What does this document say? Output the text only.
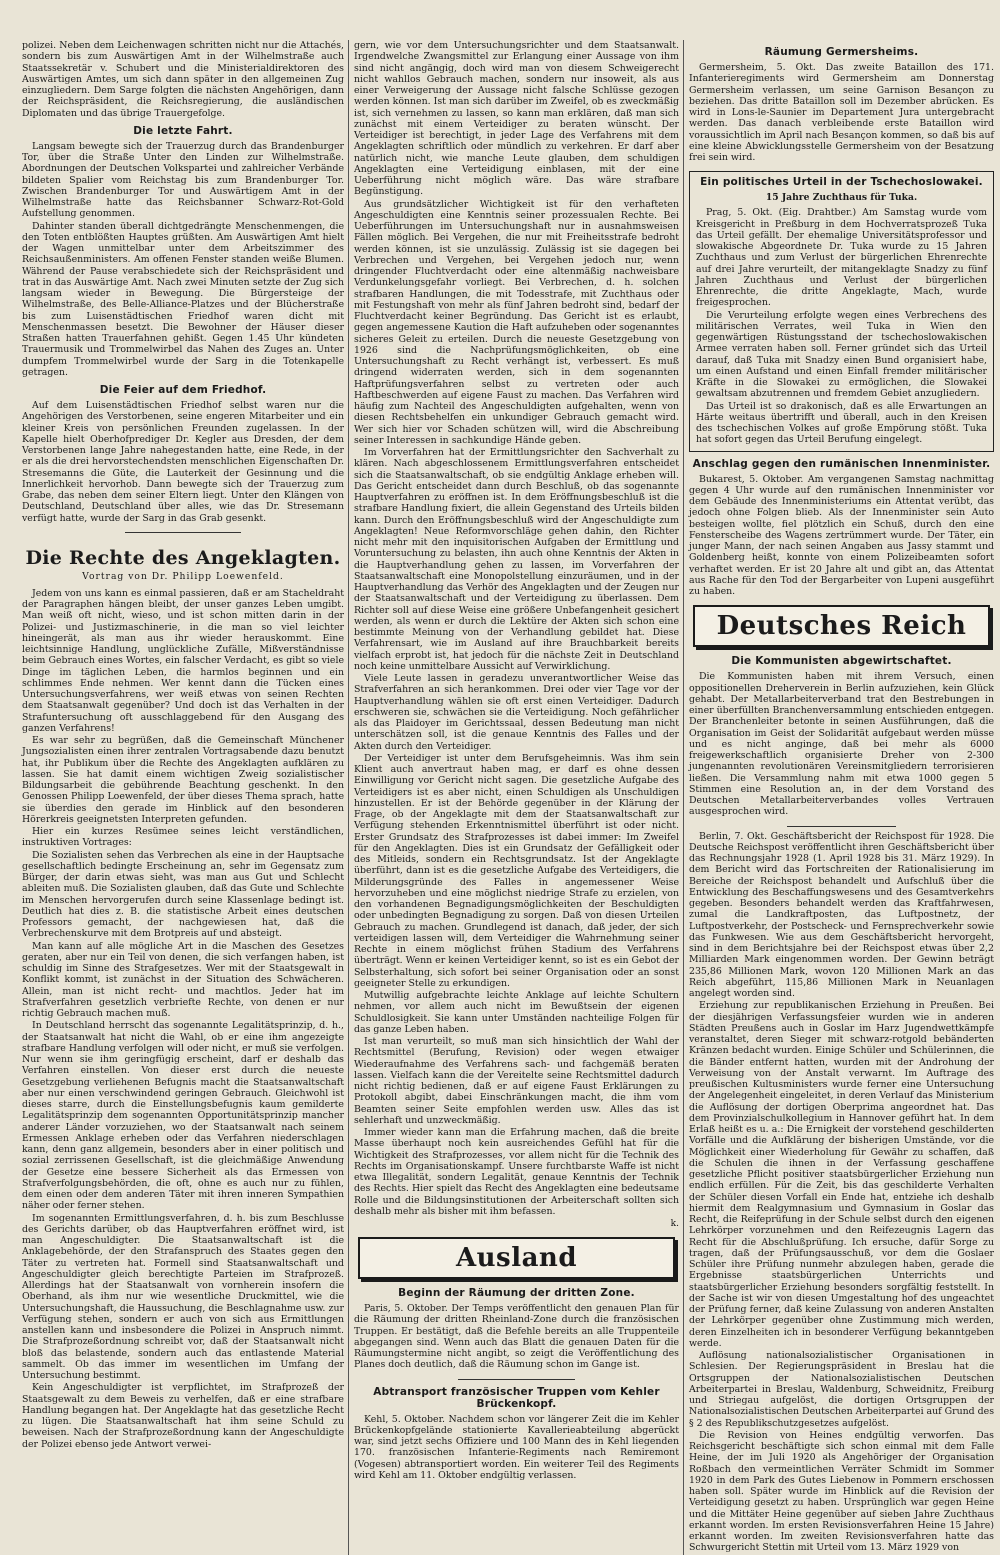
polizei. Neben dem Leichenwagen schritten nicht nur die Attachés, sondern bis zum Auswärtigen Amt in der Wilhelmstraße auch Staatssekretär v. Schubert und die Ministerialdirektoren des Auswärtigen Amtes, um sich dann später in den allgemeinen Zug einzugliedern. Dem Sarge folgten die nächsten Angehörigen, dann der Reichspräsident, die Reichsregierung, die ausländischen Diplomaten und das übrige Trauergefolge.

Die letzte Fahrt.

Langsam bewegte sich der Trauerzug durch das Brandenburger Tor, über die Straße Unter den Linden zur Wilhelmstraße. Abordnungen der Deutschen Volkspartei und zahlreicher Verbände bildeten Spalier vom Reichstag bis zum Brandenburger Tor. Zwischen Brandenburger Tor und Auswärtigem Amt in der Wilhelmstraße hatte das Reichsbanner Schwarz-Rot-Gold Aufstellung genommen.

Dahinter standen überall dichtgedrängte Menschenmengen, die den Toten entblößten Hauptes grüßten. Am Auswärtigen Amt hielt der Wagen unmittelbar unter dem Arbeitszimmer des Reichsaußenministers. Am offenen Fenster standen weiße Blumen. Während der Pause verabschiedete sich der Reichspräsident und trat in das Auswärtige Amt. Nach zwei Minuten setzte der Zug sich langsam wieder in Bewegung. Die Bürgersteige der Wilhelmstraße, des Belle-Alliance-Platzes und der Blücherstraße bis zum Luisenstädtischen Friedhof waren dicht mit Menschenmassen besetzt. Die Bewohner der Häuser dieser Straßen hatten Trauerfahnen gehißt. Gegen 1.45 Uhr kündeten Trauermusik und Trommelwirbel das Nahen des Zuges an. Unter dumpfem Trommelwirbel wurde der Sarg in die Totenkapelle getragen.

Die Feier auf dem Friedhof.

Auf dem Luisenstädtischen Friedhof selbst waren nur die Angehörigen des Verstorbenen, seine engeren Mitarbeiter und ein kleiner Kreis von persönlichen Freunden zugelassen. In der Kapelle hielt Oberhofprediger Dr. Kegler aus Dresden, der dem Verstorbenen lange Jahre nahegestanden hatte, eine Rede, in der er als die drei hervorstechendsten menschlichen Eigenschaften Dr. Stresemanns die Güte, die Lauterkeit der Gesinnung und die Innerlichkeit hervorhob. Dann bewegte sich der Trauerzug zum Grabe, das neben dem seiner Eltern liegt. Unter den Klängen von Deutschland, Deutschland über alles, wie das Dr. Stresemann verfügt hatte, wurde der Sarg in das Grab gesenkt.

Die Rechte des Angeklagten.
Vortrag von Dr. Philipp Loewenfeld.

Jedem von uns kann es einmal passieren, daß er am Stacheldraht der Paragraphen hängen bleibt, der unser ganzes Leben umgibt. Man weiß oft nicht, wieso, und ist schon mitten darin in der Polizei- und Justizmaschinerie, in die man so viel leichter hineingerät, als man aus ihr wieder herauskommt. Eine leichtsinnige Handlung, unglückliche Zufälle, Mißverständnisse beim Gebrauch eines Wortes, ein falscher Verdacht, es gibt so viele Dinge im täglichen Leben, die harmlos beginnen und ein schlimmes Ende nehmen. Wer kennt dann die Tücken eines Untersuchungsverfahrens, wer weiß etwas von seinen Rechten dem Staatsanwalt gegenüber? Und doch ist das Verhalten in der Strafuntersuchung oft ausschlaggebend für den Ausgang des ganzen Verfahrens!

Es war sehr zu begrüßen, daß die Gemeinschaft Münchener Jungsozialisten einen ihrer zentralen Vortragsabende dazu benutzt hat, ihr Publikum über die Rechte des Angeklagten aufklären zu lassen. Sie hat damit einem wichtigen Zweig sozialistischer Bildungsarbeit die gebührende Beachtung geschenkt. In den Genossen Philipp Loewenfeld, der über dieses Thema sprach, hatte sie überdies den gerade im Hinblick auf den besonderen Hörerkreis geeignetsten Interpreten gefunden.

Hier ein kurzes Resümee seines leicht verständlichen, instruktiven Vortrages:

Die Sozialisten sehen das Verbrechen als eine in der Hauptsache gesellschaftlich bedingte Erscheinung an, sehr im Gegensatz zum Bürger, der darin etwas sieht, was man aus Gut und Schlecht ableiten muß. Die Sozialisten glauben, daß das Gute und Schlechte im Menschen hervorgerufen durch seine Klassenlage bedingt ist. Deutlich hat dies z. B. die statistische Arbeit eines deutschen Professors gemacht, der nachgewiesen hat, daß die Verbrechenskurve mit dem Brotpreis auf und absteigt.

Man kann auf alle mögliche Art in die Maschen des Gesetzes geraten, aber nur ein Teil von denen, die sich verfangen haben, ist schuldig im Sinne des Strafgesetzes. Wer mit der Staatsgewalt in Konflikt kommt, ist zunächst in der Situation des Schwächeren. Allein, man ist nicht recht- und machtlos. Jeder hat im Strafverfahren gesetzlich verbriefte Rechte, von denen er nur richtig Gebrauch machen muß.

In Deutschland herrscht das sogenannte Legalitätsprinzip, d. h., der Staatsanwalt hat nicht die Wahl, ob er eine ihm angezeigte strafbare Handlung verfolgen will oder nicht, er muß sie verfolgen. Nur wenn sie ihm geringfügig erscheint, darf er deshalb das Verfahren einstellen. Von dieser erst durch die neueste Gesetzgebung verliehenen Befugnis macht die Staatsanwaltschaft aber nur einen verschwindend geringen Gebrauch. Gleichwohl ist dieses starre, durch die Einstellungsbefugnis kaum gemilderte Legalitätsprinzip dem sogenannten Opportunitätsprinzip mancher anderer Länder vorzuziehen, wo der Staatsanwalt nach seinem Ermessen Anklage erheben oder das Verfahren niederschlagen kann, denn ganz allgemein, besonders aber in einer politisch und sozial zerrissenen Gesellschaft, ist die gleichmäßige Anwendung der Gesetze eine bessere Sicherheit als das Ermessen von Strafverfolgungsbehörden, die oft, ohne es auch nur zu fühlen, dem einen oder dem anderen Täter mit ihren inneren Sympathien näher oder ferner stehen.

Im sogenannten Ermittlungsverfahren, d. h. bis zum Beschlusse des Gerichts darüber, ob das Hauptverfahren eröffnet wird, ist man Angeschuldigter. Die Staatsanwaltschaft ist die Anklagebehörde, der den Strafanspruch des Staates gegen den Täter zu vertreten hat. Formell sind Staatsanwaltschaft und Angeschuldigter gleich berechtigte Parteien im Strafprozeß. Allerdings hat der Staatsanwalt von vornherein insofern die Oberhand, als ihm nur wie wesentliche Druckmittel, wie die Untersuchungshaft, die Haussuchung, die Beschlagnahme usw. zur Verfügung stehen, sondern er auch von sich aus Ermittlungen anstellen kann und insbesondere die Polizei in Anspruch nimmt. Die Strafprozeßordnung schreibt vor, daß der Staatsanwalt nicht bloß das belastende, sondern auch das entlastende Material sammelt. Ob das immer im wesentlichen im Umfang der Untersuchung bestimmt.

Kein Angeschuldigter ist verpflichtet, im Strafprozeß der Staatsgewalt zu dem Beweis zu verhelfen, daß er eine strafbare Handlung begangen hat. Der Angeklagte hat das gesetzliche Recht zu lügen. Die Staatsanwaltschaft hat ihm seine Schuld zu beweisen. Nach der Strafprozeßordnung kann der Angeschuldigte der Polizei ebenso jede Antwort verwei-

gern, wie vor dem Untersuchungsrichter und dem Staatsanwalt. Irgendwelche Zwangsmittel zur Erlangung einer Aussage von ihm sind nicht angängig, doch wird man von diesem Schweigerecht nicht wahllos Gebrauch machen, sondern nur insoweit, als aus einer Verweigerung der Aussage nicht falsche Schlüsse gezogen werden können. Ist man sich darüber im Zweifel, ob es zweckmäßig ist, sich vernehmen zu lassen, so kann man erklären, daß man sich zunächst mit einem Verteidiger zu beraten wünscht. Der Verteidiger ist berechtigt, in jeder Lage des Verfahrens mit dem Angeklagten schriftlich oder mündlich zu verkehren. Er darf aber natürlich nicht, wie manche Leute glauben, dem schuldigen Angeklagten eine Verteidigung einblasen, mit der eine Ueberführung nicht möglich wäre. Das wäre strafbare Begünstigung.

Aus grundsätzlicher Wichtigkeit ist für den verhafteten Angeschuldigten eine Kenntnis seiner prozessualen Rechte. Bei Ueberführungen im Untersuchungshaft nur in ausnahmsweisen Fällen möglich. Bei Vergehen, die nur mit Freiheitsstrafe bedroht werden können, ist sie unzulässig. Zulässig ist sie dagegen bei Verbrechen und Vergehen, bei Vergehen jedoch nur, wenn dringender Fluchtverdacht oder eine altenmäßig nachweisbare Verdunkelungsgefahr vorliegt. Bei Verbrechen, d. h. solchen strafbaren Handlungen, die mit Todesstrafe, mit Zuchthaus oder mit Festungshaft von mehr als fünf Jahren bedroht sind, bedarf der Fluchtverdacht keiner Begründung. Das Gericht ist es erlaubt, gegen angemessene Kaution die Haft aufzuheben oder sogenanntes sicheres Geleit zu erteilen. Durch die neueste Gesetzgebung von 1926 sind die Nachprüfungsmöglichkeiten, ob eine Untersuchungshaft zu Recht verhängt ist, verbessert. Es muß dringend widerraten werden, sich in dem sogenannten Haftprüfungsverfahren selbst zu vertreten oder auch Haftbeschwerden auf eigene Faust zu machen. Das Verfahren wird häufig zum Nachteil des Angeschuldigten aufgehalten, wenn von diesen Rechtsbehelfen ein unkundiger Gebrauch gemacht wird. Wer sich hier vor Schaden schützen will, wird die Abschreibung seiner Interessen in sachkundige Hände geben.

Im Vorverfahren hat der Ermittlungsrichter den Sachverhalt zu klären. Nach abgeschlossenem Ermittlungsverfahren entscheidet sich die Staatsanwaltschaft, ob sie endgültig Anklage erheben will. Das Gericht entscheidet dann durch Beschluß, ob das sogenannte Hauptverfahren zu eröffnen ist. In dem Eröffnungsbeschluß ist die strafbare Handlung fixiert, die allein Gegenstand des Urteils bilden kann. Durch den Eröffnungsbeschluß wird der Angeschuldigte zum Angeklagten! Neue Reformvorschläge gehen dahin, den Richter nicht mehr mit den inquisitorischen Aufgaben der Ermittlung und Voruntersuchung zu belasten, ihn auch ohne Kenntnis der Akten in die Hauptverhandlung gehen zu lassen, im Vorverfahren der Staatsanwaltschaft eine Monopolstellung einzuräumen, und in der Hauptverhandlung das Verhör des Angeklagten und der Zeugen nur der Staatsanwaltschaft und der Verteidigung zu überlassen. Dem Richter soll auf diese Weise eine größere Unbefangenheit gesichert werden, als wenn er durch die Lektüre der Akten sich schon eine bestimmte Meinung von der Verhandlung gebildet hat. Diese Verfahrensart, wie im Ausland auf ihre Brauchbarkeit bereits vielfach erprobt ist, hat jedoch für die nächste Zeit in Deutschland noch keine unmittelbare Aussicht auf Verwirklichung.

Viele Leute lassen in geradezu unverantwortlicher Weise das Strafverfahren an sich herankommen. Drei oder vier Tage vor der Hauptverhandlung wählen sie oft erst einen Verteidiger. Dadurch erschweren sie, schwächen sie die Verteidigung. Noch gefährlicher als das Plaidoyer im Gerichtssaal, dessen Bedeutung man nicht unterschätzen soll, ist die genaue Kenntnis des Falles und der Akten durch den Verteidiger.

Der Verteidiger ist unter dem Berufsgeheimnis. Was ihm sein Klient auch anvertraut haben mag, er darf es ohne dessen Einwilligung vor Gericht nicht sagen. Die gesetzliche Aufgabe des Verteidigers ist es aber nicht, einen Schuldigen als Unschuldigen hinzustellen. Er ist der Behörde gegenüber in der Klärung der Frage, ob der Angeklagte mit dem der Staatsanwaltschaft zur Verfügung stehenden Erkenntnismittel überführt ist oder nicht. Erster Grundsatz des Strafprozesses ist dabei immer: Im Zweifel für den Angeklagten. Dies ist ein Grundsatz der Gefälligkeit oder des Mitleids, sondern ein Rechtsgrundsatz. Ist der Angeklagte überführt, dann ist es die gesetzliche Aufgabe des Verteidigers, die Milderungsgründe des Falles in angemessener Weise hervorzuheben und eine möglichst niedrige Strafe zu erzielen, von den vorhandenen Begnadigungsmöglichkeiten der Beschuldigten oder unbedingten Begnadigung zu sorgen. Daß von diesen Urteilen Gebrauch zu machen. Grundlegend ist danach, daß jeder, der sich verteidigen lassen will, dem Verteidiger die Wahrnehmung seiner Rechte in einem möglichst frühen Stadium des Verfahrens überträgt. Wenn er keinen Verteidiger kennt, so ist es ein Gebot der Selbsterhaltung, sich sofort bei seiner Organisation oder an sonst geeigneter Stelle zu erkundigen.

Mutwillig aufgebrachte leichte Anklage auf leichte Schultern nehmen, vor allem auch nicht im Bewußtsein der eigenen Schuldlosigkeit. Sie kann unter Umständen nachteilige Folgen für das ganze Leben haben.

Ist man verurteilt, so muß man sich hinsichtlich der Wahl der Rechtsmittel (Berufung, Revision) oder wegen etwaiger Wiederaufnahme des Verfahrens sach- und fachgemäß beraten lassen. Vielfach kann die der Vereitelte seine Rechtsmittel dadurch nicht richtig bedienen, daß er auf eigene Faust Erklärungen zu Protokoll abgibt, dabei Einschränkungen macht, die ihm vom Beamten seiner Seite empfohlen werden usw. Alles das ist sehlerhaft und unzweckmäßig.

Immer wieder kann man die Erfahrung machen, daß die breite Masse überhaupt noch kein ausreichendes Gefühl hat für die Wichtigkeit des Strafprozesses, vor allem nicht für die Technik des Rechts im Organisationskampf. Unsere furchtbarste Waffe ist nicht etwa Illegalität, sondern Legalität, genaue Kenntnis der Technik des Rechts. Hier spielt das Recht des Angeklagten eine bedeutsame Rolle und die Bildungsinstitutionen der Arbeiterschaft sollten sich deshalb mehr als bisher mit ihm befassen.

k.
Ausland
Beginn der Räumung der dritten Zone.

Paris, 5. Oktober. Der Temps veröffentlicht den genauen Plan für die Räumung der dritten Rheinland-Zone durch die französischen Truppen. Er bestätigt, daß die Befehle bereits an alle Truppenteile abgegangen sind. Wenn auch das Blatt die genauen Daten für die Räumungstermine nicht angibt, so zeigt die Veröffentlichung des Planes doch deutlich, daß die Räumung schon im Gange ist.

Abtransport französischer Truppen vom Kehler Brückenkopf.

Kehl, 5. Oktober. Nachdem schon vor längerer Zeit die im Kehler Brückenkopfgelände stationierte Kavallerieabteilung abgerückt war, sind jetzt sechs Offiziere und 100 Mann des in Kehl liegenden 170. französischen Infanterie-Regiments nach Remiremont (Vogesen) abtransportiert worden. Ein weiterer Teil des Regiments wird Kehl am 11. Oktober endgültig verlassen.

Räumung Germersheims.

Germersheim, 5. Okt. Das zweite Bataillon des 171. Infanterieregiments wird Germersheim am Donnerstag Germersheim verlassen, um seine Garnison Besançon zu beziehen. Das dritte Bataillon soll im Dezember abrücken. Es wird in Lons-le-Saunier im Departement Jura untergebracht werden. Das danach verbleibende erste Bataillon wird voraussichtlich im April nach Besançon kommen, so daß bis auf eine kleine Abwicklungsstelle Germersheim von der Besatzung frei sein wird.

Ein politisches Urteil in der Tschechoslowakei.
15 Jahre Zuchthaus für Tuka.

Prag, 5. Okt. (Eig. Drahtber.) Am Samstag wurde vom Kreisgericht in Preßburg in dem Hochverratsprozeß Tuka das Urteil gefällt. Der ehemalige Universitätsprofessor und slowakische Abgeordnete Dr. Tuka wurde zu 15 Jahren Zuchthaus und zum Verlust der bürgerlichen Ehrenrechte auf drei Jahre verurteilt, der mitangeklagte Snadzy zu fünf Jahren Zuchthaus und Verlust der bürgerlichen Ehrenrechte, die dritte Angeklagte, Mach, wurde freigesprochen.

Die Verurteilung erfolgte wegen eines Verbrechens des militärischen Verrates, weil Tuka in Wien den gegenwärtigen Rüstungsstand der tschechoslowakischen Armee verraten haben soll. Ferner gründet sich das Urteil darauf, daß Tuka mit Snadzy einen Bund organisiert habe, um einen Aufstand und einen Einfall fremder militärischer Kräfte in die Slowakei zu ermöglichen, die Slowakei gewaltsam abzutrennen und fremdem Gebiet anzugliedern.

Das Urteil ist so drakonisch, daß es alle Erwartungen an Härte weitaus übertrifft und überall, auch in den Kreisen des tschechischen Volkes auf große Empörung stößt. Tuka hat sofort gegen das Urteil Berufung eingelegt.

Anschlag gegen den rumänischen Innenminister.

Bukarest, 5. Oktober. Am vergangenen Samstag nachmittag gegen 4 Uhr wurde auf den rumänischen Innenminister vor dem Gebäude des Innenministeriums ein Attentat verübt, das jedoch ohne Folgen blieb. Als der Innenminister sein Auto besteigen wollte, fiel plötzlich ein Schuß, durch den eine Fensterscheibe des Wagens zertrümmert wurde. Der Täter, ein junger Mann, der nach seinen Angaben aus Jassy stammt und Goldenberg heißt, konnte von einem Polizeibeamten sofort verhaftet werden. Er ist 20 Jahre alt und gibt an, das Attentat aus Rache für den Tod der Bergarbeiter von Lupeni ausgeführt zu haben.

Deutsches Reich
Die Kommunisten abgewirtschaftet.

Die Kommunisten haben mit ihrem Versuch, einen oppositionellen Dreherverein in Berlin aufzuziehen, kein Glück gehabt. Der Metallarbeiterverband trat den Bestrebungen in einer überfüllten Branchenversammlung entschieden entgegen. Der Branchenleiter betonte in seinen Ausführungen, daß die Organisation im Geist der Solidarität aufgebaut werden müsse und es nicht anginge, daß bei mehr als 6000 freigewerkschaftlich organisierte Dreher von 2-300 jungenannten revolutionären Vereinsmitgliedern terrorisieren ließen. Die Versammlung nahm mit etwa 1000 gegen 5 Stimmen eine Resolution an, in der dem Vorstand des Deutschen Metallarbeiterverbandes volles Vertrauen ausgesprochen wird.

Berlin, 7. Okt. Geschäftsbericht der Reichspost für 1928. Die Deutsche Reichspost veröffentlicht ihren Geschäftsbericht über das Rechnungsjahr 1928 (1. April 1928 bis 31. März 1929). In dem Bericht wird das Fortschreiten der Rationalisierung im Bereiche der Reichspost behandelt und Aufschluß über die Entwicklung des Beschaffungswesens und des Gesamtverkehrs gegeben. Besonders behandelt werden das Kraftfahrwesen, zumal die Landkraftposten, das Luftpostnetz, der Luftpostverkehr, der Postscheck- und Fernsprechverkehr sowie das Funkwesen. Wie aus dem Geschäftsbericht hervorgeht, sind in dem Berichtsjahre bei der Reichspost etwas über 2,2 Milliarden Mark eingenommen worden. Der Gewinn beträgt 235,86 Millionen Mark, wovon 120 Millionen Mark an das Reich abgeführt, 115,86 Millionen Mark in Neuanlagen angelegt worden sind.

Erziehung zur republikanischen Erziehung in Preußen. Bei der diesjährigen Verfassungsfeier wurden wie in anderen Städten Preußens auch in Goslar im Harz Jugendwettkämpfe veranstaltet, deren Sieger mit schwarz-rotgold bebänderten Kränzen bedacht wurden. Einige Schüler und Schülerinnen, die die Bänder entfernt hatten, wurden mit der Androhung der Verweisung von der Anstalt verwarnt. Im Auftrage des preußischen Kultusministers wurde ferner eine Untersuchung der Angelegenheit eingeleitet, in deren Verlauf das Ministerium die Auflösung der dortigen Oberprima angeordnet hat. Das dem Provinzialschulkollegium in Hannover geführt hat. In dem Erlaß heißt es u. a.: Die Ernigkeit der vorstehend geschilderten Vorfälle und die Aufklärung der bisherigen Umstände, vor die Möglichkeit einer Wiederholung für Gewähr zu schaffen, daß die Schulen die ihnen in der Verfassung geschaffene gesetzliche Pflicht positiver staatsbürgerlicher Erziehung nun endlich erfüllen. Für die Zeit, bis das geschilderte Verhalten der Schüler diesen Vorfall ein Ende hat, entziehe ich deshalb hiermit dem Realgymnasium und Gymnasium in Goslar das Recht, die Reifeprüfung in der Schule selbst durch den eigenen Lehrkörper vorzunehmen und den Reifezeugnis Lagern das Recht für die Abschlußprüfung. Ich ersuche, dafür Sorge zu tragen, daß der Prüfungsausschuß, vor dem die Goslaer Schüler ihre Prüfung nunmehr abzulegen haben, gerade die Ergebnisse staatsbürgerlichen Unterrichts und staatsbürgerlicher Erziehung besonders sorgfältig feststellt. In der Sache ist wir von diesen Umgestaltung hof des ungeachtet der Prüfung ferner, daß keine Zulassung von anderen Anstalten der Lehrkörper gegenüber ohne Zustimmung mich werden, deren Einzelheiten ich in besonderer Verfügung bekanntgeben werde.

Auflösung nationalsozialistischer Organisationen in Schlesien. Der Regierungspräsident in Breslau hat die Ortsgruppen der Nationalsozialistischen Deutschen Arbeiterpartei in Breslau, Waldenburg, Schweidnitz, Freiburg und Striegau aufgelöst, die dortigen Ortsgruppen der Nationalsozialistischen Deutschen Arbeiterpartei auf Grund des § 2 des Republikschutzgesetzes aufgelöst.

Die Revision von Heines endgültig verworfen. Das Reichsgericht beschäftigte sich schon einmal mit dem Falle Heine, der im Juli 1920 als Angehöriger der Organisation Roßbach den vermeintlichen Verräter Schmidt im Sommer 1920 in dem Park des Gutes Liebenow in Pommern erschossen haben soll. Später wurde im Hinblick auf die Revision der Verteidigung gesetzt zu haben. Ursprünglich war gegen Heine und die Mittäter Heine gegenüber auf sieben Jahre Zuchthaus erkannt worden. Im ersten Revisionsverfahren Heine 15 Jahre) erkannt worden. Im zweiten Revisionsverfahren hatte das Schwurgericht Stettin mit Urteil vom 13. März 1929 von
